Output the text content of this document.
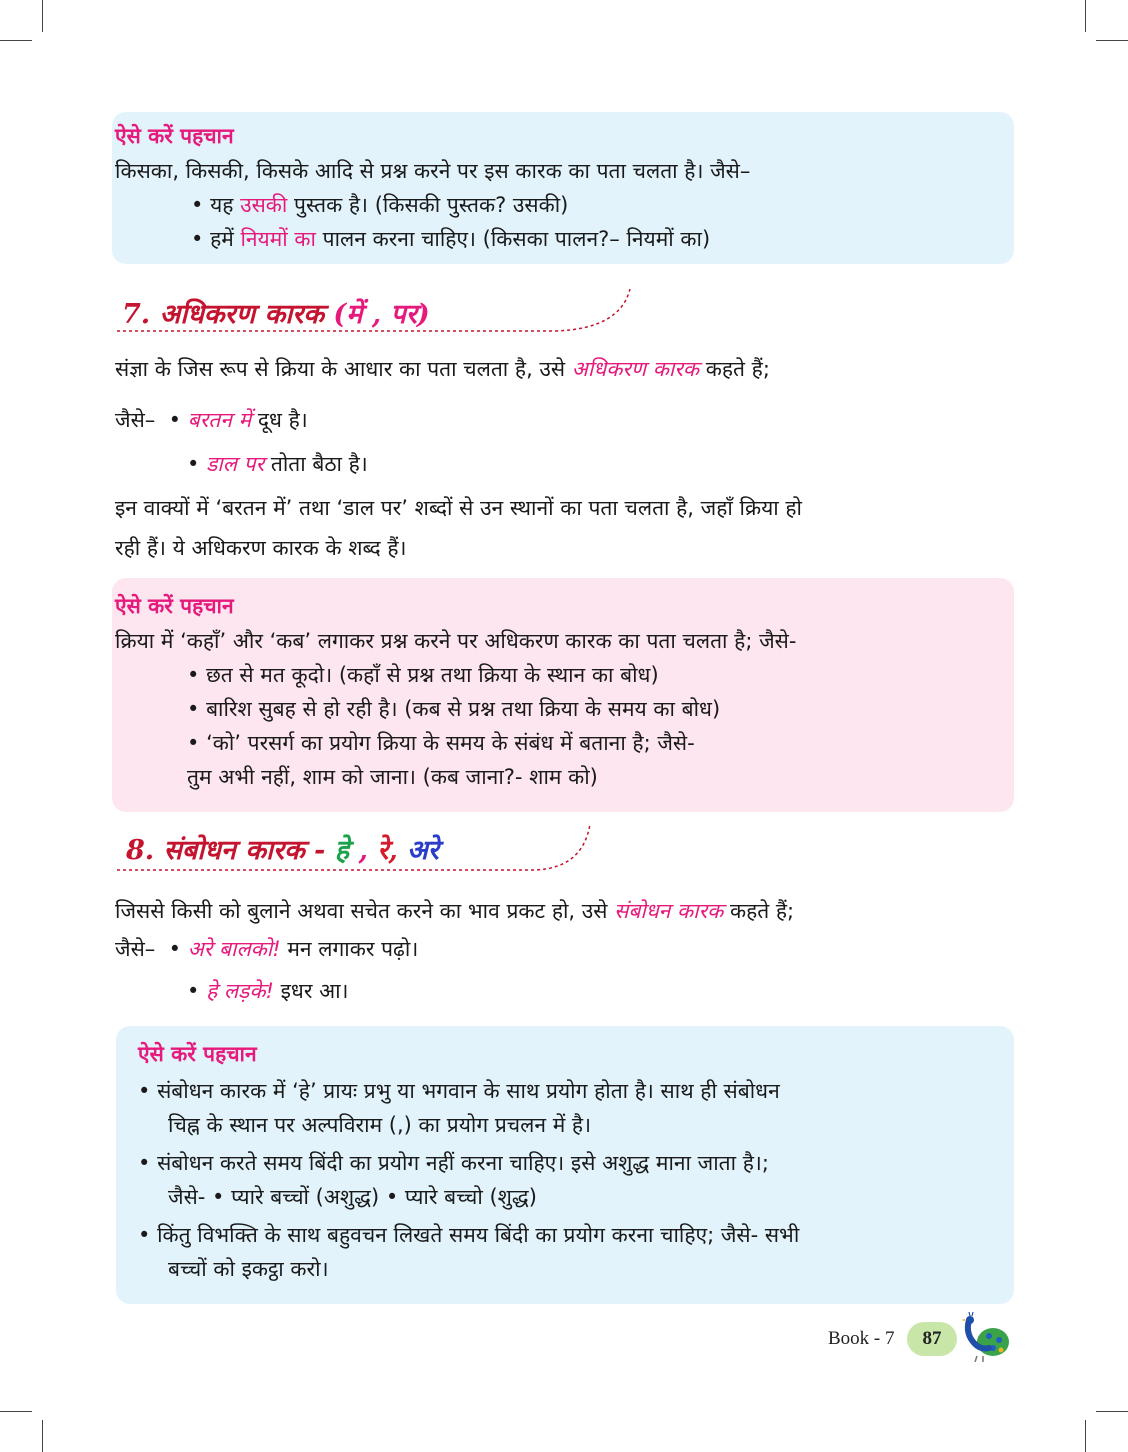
ऐसे करें पहचान
किसका, किसकी, किसके आदि से प्रश्न करने पर इस कारक का पता चलता है। जैसे–
• यह उसकी पुस्तक है। (किसकी पुस्तक? उसकी)
• हमें नियमों का पालन करना चाहिए। (किसका पालन?– नियमों का)
7. अधिकरण कारक (में , पर)
संज्ञा के जिस रूप से क्रिया के आधार का पता चलता है, उसे अधिकरण कारक कहते हैं;
जैसे–  • बरतन में दूध है।
• डाल पर तोता बैठा है।
इन वाक्यों में ‘बरतन में’ तथा ‘डाल पर’ शब्दों से उन स्थानों का पता चलता है, जहाँ क्रिया हो
रही हैं। ये अधिकरण कारक के शब्द हैं।
ऐसे करें पहचान
क्रिया में ‘कहाँ’ और ‘कब’ लगाकर प्रश्न करने पर अधिकरण कारक का पता चलता है; जैसे-
• छत से मत कूदो। (कहाँ से प्रश्न तथा क्रिया के स्थान का बोध)
• बारिश सुबह से हो रही है। (कब से प्रश्न तथा क्रिया के समय का बोध)
• ‘को’ परसर्ग का प्रयोग क्रिया के समय के संबंध में बताना है; जैसे-
तुम अभी नहीं, शाम को जाना। (कब जाना?- शाम को)
8. संबोधन कारक - हे , रे, अरे
जिससे किसी को बुलाने अथवा सचेत करने का भाव प्रकट हो, उसे संबोधन कारक कहते हैं;
जैसे–  • अरे बालको! मन लगाकर पढ़ो।
• हे लड़के! इधर आ।
ऐसे करें पहचान
• संबोधन कारक में ‘हे’ प्रायः प्रभु या भगवान के साथ प्रयोग होता है। साथ ही संबोधन
चिह्न के स्थान पर अल्पविराम (,) का प्रयोग प्रचलन में है।
• संबोधन करते समय बिंदी का प्रयोग नहीं करना चाहिए। इसे अशुद्ध माना जाता है।;
जैसे- • प्यारे बच्चों (अशुद्ध) • प्यारे बच्चो (शुद्ध)
• किंतु विभक्ति के साथ बहुवचन लिखते समय बिंदी का प्रयोग करना चाहिए; जैसे- सभी
बच्चों को इकट्ठा करो।
Book - 7	87
